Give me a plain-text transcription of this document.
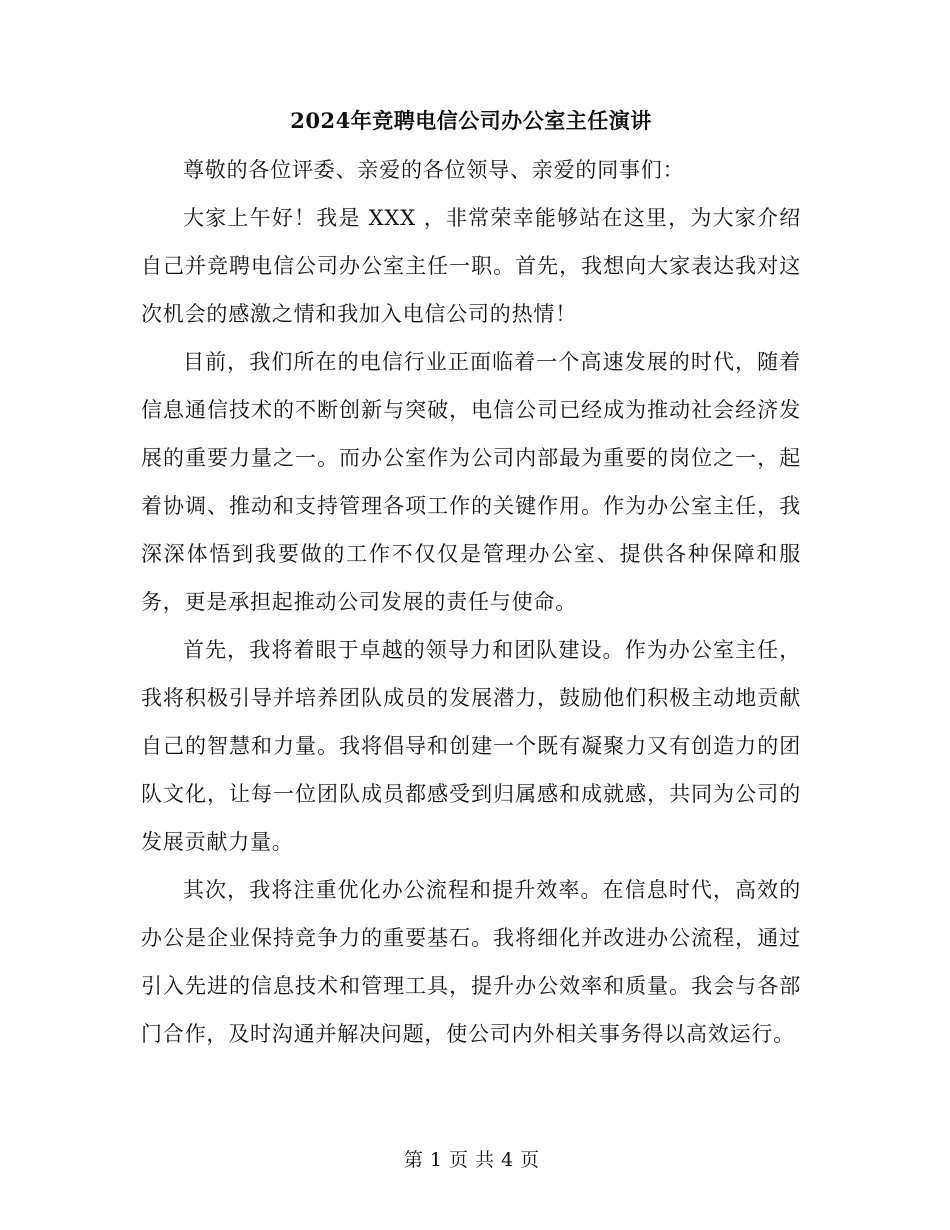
2024年竞聘电信公司办公室主任演讲

尊敬的各位评委、亲爱的各位领导、亲爱的同事们：

大家上午好！我是 XXX ，非常荣幸能够站在这里，为大家介绍自己并竞聘电信公司办公室主任一职。首先，我想向大家表达我对这次机会的感激之情和我加入电信公司的热情！

目前，我们所在的电信行业正面临着一个高速发展的时代，随着信息通信技术的不断创新与突破，电信公司已经成为推动社会经济发展的重要力量之一。而办公室作为公司内部最为重要的岗位之一，起着协调、推动和支持管理各项工作的关键作用。作为办公室主任，我深深体悟到我要做的工作不仅仅是管理办公室、提供各种保障和服务，更是承担起推动公司发展的责任与使命。

首先，我将着眼于卓越的领导力和团队建设。作为办公室主任，我将积极引导并培养团队成员的发展潜力，鼓励他们积极主动地贡献自己的智慧和力量。我将倡导和创建一个既有凝聚力又有创造力的团队文化，让每一位团队成员都感受到归属感和成就感，共同为公司的发展贡献力量。

其次，我将注重优化办公流程和提升效率。在信息时代，高效的办公是企业保持竞争力的重要基石。我将细化并改进办公流程，通过引入先进的信息技术和管理工具，提升办公效率和质量。我会与各部门合作，及时沟通并解决问题，使公司内外相关事务得以高效运行。

第 1 页 共 4 页
